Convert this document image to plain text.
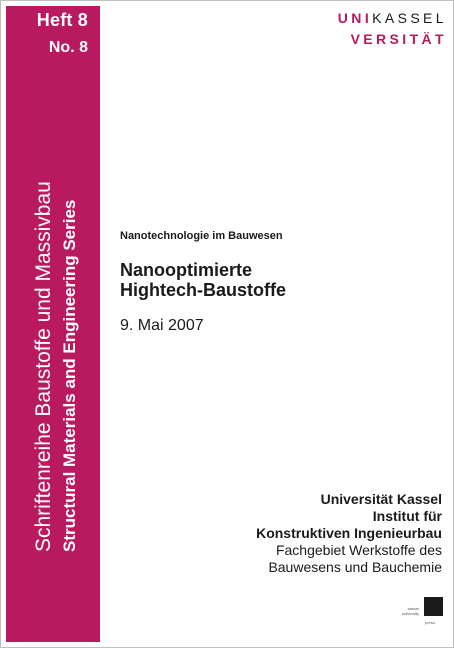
Heft 8

No. 8

Schriftenreihe Baustoffe und Massivbau Structural Materials and Engineering Series
UNIKASSEL
VERSITÄT

Nanotechnologie im Bauwesen

Nanooptimierte
Hightech-Baustoffe

9. Mai 2007

Universität Kassel
Institut für
Konstruktiven Ingenieurbau
Fachgebiet Werkstoffe des
Bauwesens und Bauchemie
kassel
university
press
